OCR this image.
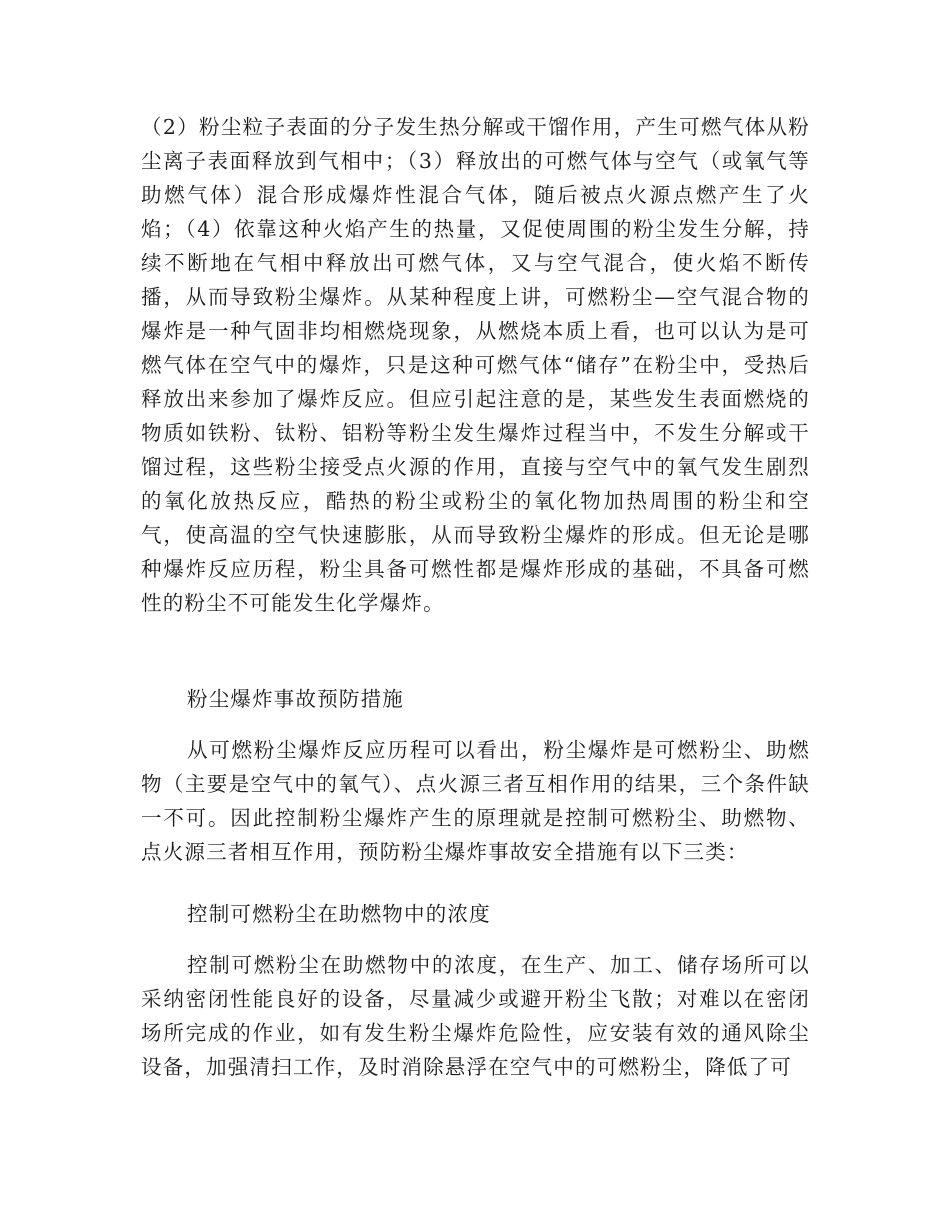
（2）粉尘粒子表面的分子发生热分解或干馏作用，产生可燃气体从粉尘离子表面释放到气相中；（3）释放出的可燃气体与空气（或氧气等助燃气体）混合形成爆炸性混合气体，随后被点火源点燃产生了火焰；（4）依靠这种火焰产生的热量，又促使周围的粉尘发生分解，持续不断地在气相中释放出可燃气体，又与空气混合，使火焰不断传播，从而导致粉尘爆炸。从某种程度上讲，可燃粉尘—空气混合物的爆炸是一种气固非均相燃烧现象，从燃烧本质上看，也可以认为是可燃气体在空气中的爆炸，只是这种可燃气体“储存”在粉尘中，受热后释放出来参加了爆炸反应。但应引起注意的是，某些发生表面燃烧的物质如铁粉、钛粉、铝粉等粉尘发生爆炸过程当中，不发生分解或干馏过程，这些粉尘接受点火源的作用，直接与空气中的氧气发生剧烈的氧化放热反应，酷热的粉尘或粉尘的氧化物加热周围的粉尘和空气，使高温的空气快速膨胀，从而导致粉尘爆炸的形成。但无论是哪种爆炸反应历程，粉尘具备可燃性都是爆炸形成的基础，不具备可燃性的粉尘不可能发生化学爆炸。

粉尘爆炸事故预防措施

从可燃粉尘爆炸反应历程可以看出，粉尘爆炸是可燃粉尘、助燃物（主要是空气中的氧气）、点火源三者互相作用的结果，三个条件缺一不可。因此控制粉尘爆炸产生的原理就是控制可燃粉尘、助燃物、点火源三者相互作用，预防粉尘爆炸事故安全措施有以下三类：

控制可燃粉尘在助燃物中的浓度

控制可燃粉尘在助燃物中的浓度，在生产、加工、储存场所可以采纳密闭性能良好的设备，尽量减少或避开粉尘飞散；对难以在密闭场所完成的作业，如有发生粉尘爆炸危险性，应安装有效的通风除尘设备，加强清扫工作，及时消除悬浮在空气中的可燃粉尘，降低了可
